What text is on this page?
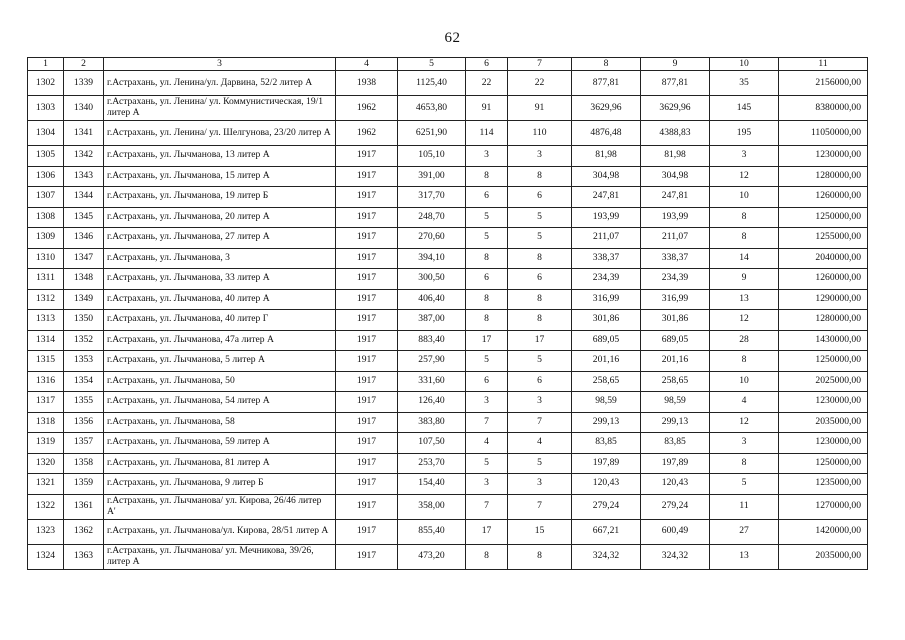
62
1	2	3	4	5	6	7	8	9	10	11
1302	1339	г.Астрахань, ул. Ленина/ул. Дарвина, 52/2 литер А	1938	1125,40	22	22	877,81	877,81	35	2156000,00
1303	1340	г.Астрахань, ул. Ленина/ ул. Коммунистическая, 19/1 литер А	1962	4653,80	91	91	3629,96	3629,96	145	8380000,00
1304	1341	г.Астрахань, ул. Ленина/ ул. Шелгунова, 23/20 литер А	1962	6251,90	114	110	4876,48	4388,83	195	11050000,00
1305	1342	г.Астрахань, ул. Лычманова, 13 литер А	1917	105,10	3	3	81,98	81,98	3	1230000,00
1306	1343	г.Астрахань, ул. Лычманова, 15 литер А	1917	391,00	8	8	304,98	304,98	12	1280000,00
1307	1344	г.Астрахань, ул. Лычманова, 19 литер Б	1917	317,70	6	6	247,81	247,81	10	1260000,00
1308	1345	г.Астрахань, ул. Лычманова, 20 литер А	1917	248,70	5	5	193,99	193,99	8	1250000,00
1309	1346	г.Астрахань, ул. Лычманова, 27 литер А	1917	270,60	5	5	211,07	211,07	8	1255000,00
1310	1347	г.Астрахань, ул. Лычманова, 3	1917	394,10	8	8	338,37	338,37	14	2040000,00
1311	1348	г.Астрахань, ул. Лычманова, 33 литер А	1917	300,50	6	6	234,39	234,39	9	1260000,00
1312	1349	г.Астрахань, ул. Лычманова, 40 литер А	1917	406,40	8	8	316,99	316,99	13	1290000,00
1313	1350	г.Астрахань, ул. Лычманова, 40 литер Г	1917	387,00	8	8	301,86	301,86	12	1280000,00
1314	1352	г.Астрахань, ул. Лычманова, 47а литер А	1917	883,40	17	17	689,05	689,05	28	1430000,00
1315	1353	г.Астрахань, ул. Лычманова, 5 литер А	1917	257,90	5	5	201,16	201,16	8	1250000,00
1316	1354	г.Астрахань, ул. Лычманова, 50	1917	331,60	6	6	258,65	258,65	10	2025000,00
1317	1355	г.Астрахань, ул. Лычманова, 54 литер А	1917	126,40	3	3	98,59	98,59	4	1230000,00
1318	1356	г.Астрахань, ул. Лычманова, 58	1917	383,80	7	7	299,13	299,13	12	2035000,00
1319	1357	г.Астрахань, ул. Лычманова, 59 литер А	1917	107,50	4	4	83,85	83,85	3	1230000,00
1320	1358	г.Астрахань, ул. Лычманова, 81 литер А	1917	253,70	5	5	197,89	197,89	8	1250000,00
1321	1359	г.Астрахань, ул. Лычманова, 9 литер Б	1917	154,40	3	3	120,43	120,43	5	1235000,00
1322	1361	г.Астрахань, ул. Лычманова/ ул. Кирова, 26/46 литер А'	1917	358,00	7	7	279,24	279,24	11	1270000,00
1323	1362	г.Астрахань, ул. Лычманова/ул. Кирова, 28/51 литер А	1917	855,40	17	15	667,21	600,49	27	1420000,00
1324	1363	г.Астрахань, ул. Лычманова/ ул. Мечникова, 39/26, литер А	1917	473,20	8	8	324,32	324,32	13	2035000,00
